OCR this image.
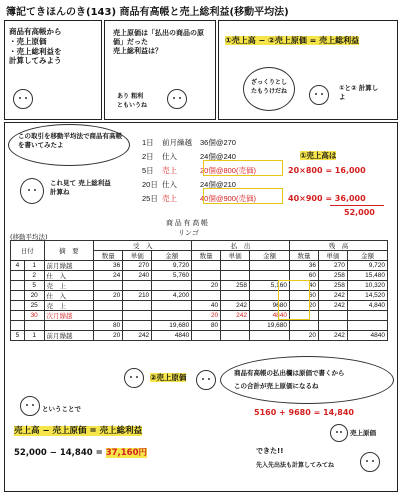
簿記てきほんのき(143) 商品有高帳と売上総利益(移動平均法)
商品有高帳から
・売上原価
・売上総利益を
計算してみよう
売上原価は「払出の商品の原価」だった
売上総利益は？
あり 粗利ともいうね
①売上高 − ②売上原価 = 売上総利益
ざっくりとしたもうけだね	①と② 計算しよ
この取引を移動平均法で商品有高帳を書いてみたよ
これ見て 売上総利益 計算ね
1日 前月繰越 36個@270
2日 仕入	24個@240
5日 売上	20個@800(売価)
20日 仕入	24個@210
25日 売上	40個@900(売価)
①売上高は
20×800 = 16,000
40×900 = 36,000
52,000
商 品 有 高 帳
(移動平均法)	リンゴ
日付		摘　要	受　入			払　出			残　高		
			数量	単価	金額	数量	単価	金額	数量	単価	金額
4	1	前月繰越	36	270	9,720				36	270	9,720
	2	仕　入	24	240	5,760				60	258	15,480
	5	売　上				20	258	5,160	40	258	10,320
	20	仕　入	20	210	4,200				60	242	14,520
	25	売　上				40	242	9680	20	242	4,840
	30	次月繰越				20	242	4840			
			80		19,680	80		19,680			
5	1	前月繰越	20	242	4840				20	242	4840
②売上原価	商品有高帳の払出欄は原価で書くから
この合計が売上原価になるね
5160 + 9680 = 14,840
売上原価
ということで
売上高 − 売上原価 = 売上総利益
52,000 − 14,840 = 37,160円	できた!!
先入先出法も計算してみてね
